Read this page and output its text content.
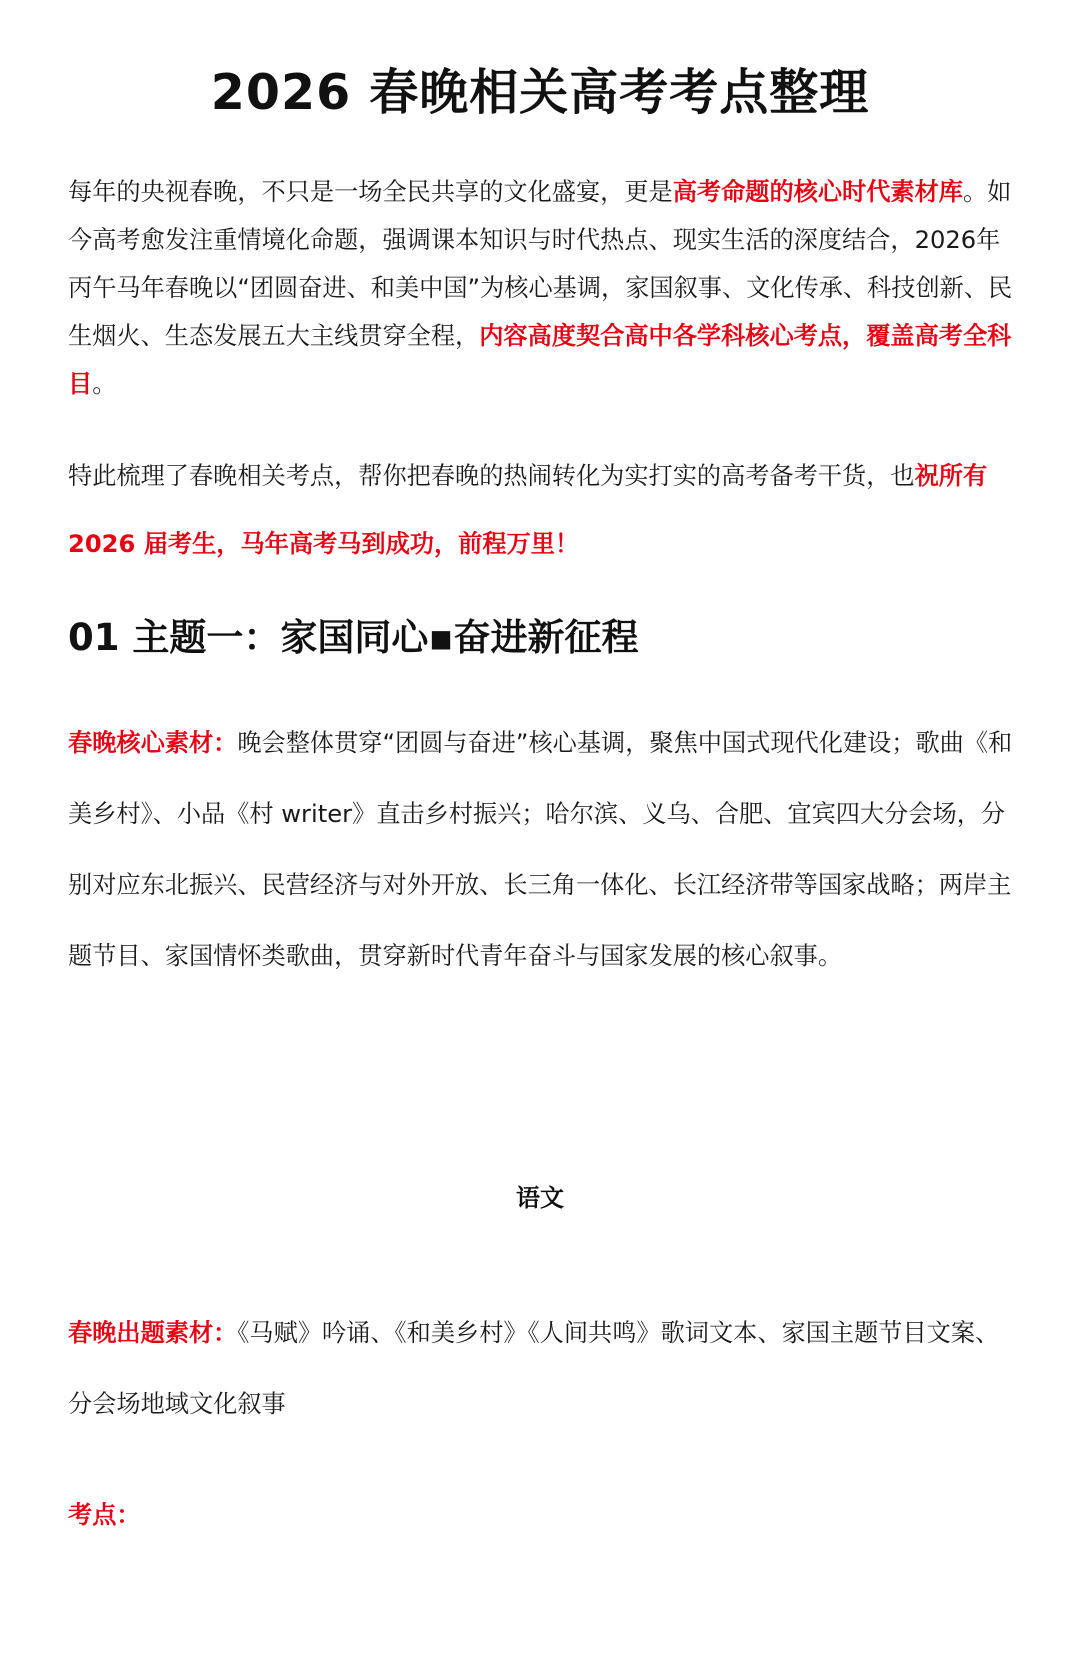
2026 春晚相关高考考点整理
每年的央视春晚，不只是一场全民共享的文化盛宴，更是高考命题的核心时代素材库。如今高考愈发注重情境化命题，强调课本知识与时代热点、现实生活的深度结合，2026年丙午马年春晚以“团圆奋进、和美中国”为核心基调，家国叙事、文化传承、科技创新、民生烟火、生态发展五大主线贯穿全程，内容高度契合高中各学科核心考点，覆盖高考全科目。
特此梳理了春晚相关考点，帮你把春晚的热闹转化为实打实的高考备考干货，也祝所有 2026 届考生，马年高考马到成功，前程万里！
01 主题一：家国同心▪奋进新征程
春晚核心素材：晚会整体贯穿“团圆与奋进”核心基调，聚焦中国式现代化建设；歌曲《和美乡村》、小品《村 writer》直击乡村振兴；哈尔滨、义乌、合肥、宜宾四大分会场，分别对应东北振兴、民营经济与对外开放、长三角一体化、长江经济带等国家战略；两岸主题节目、家国情怀类歌曲，贯穿新时代青年奋斗与国家发展的核心叙事。
语文
春晚出题素材：《马赋》吟诵、《和美乡村》《人间共鸣》歌词文本、家国主题节目文案、分会场地域文化叙事
考点：
